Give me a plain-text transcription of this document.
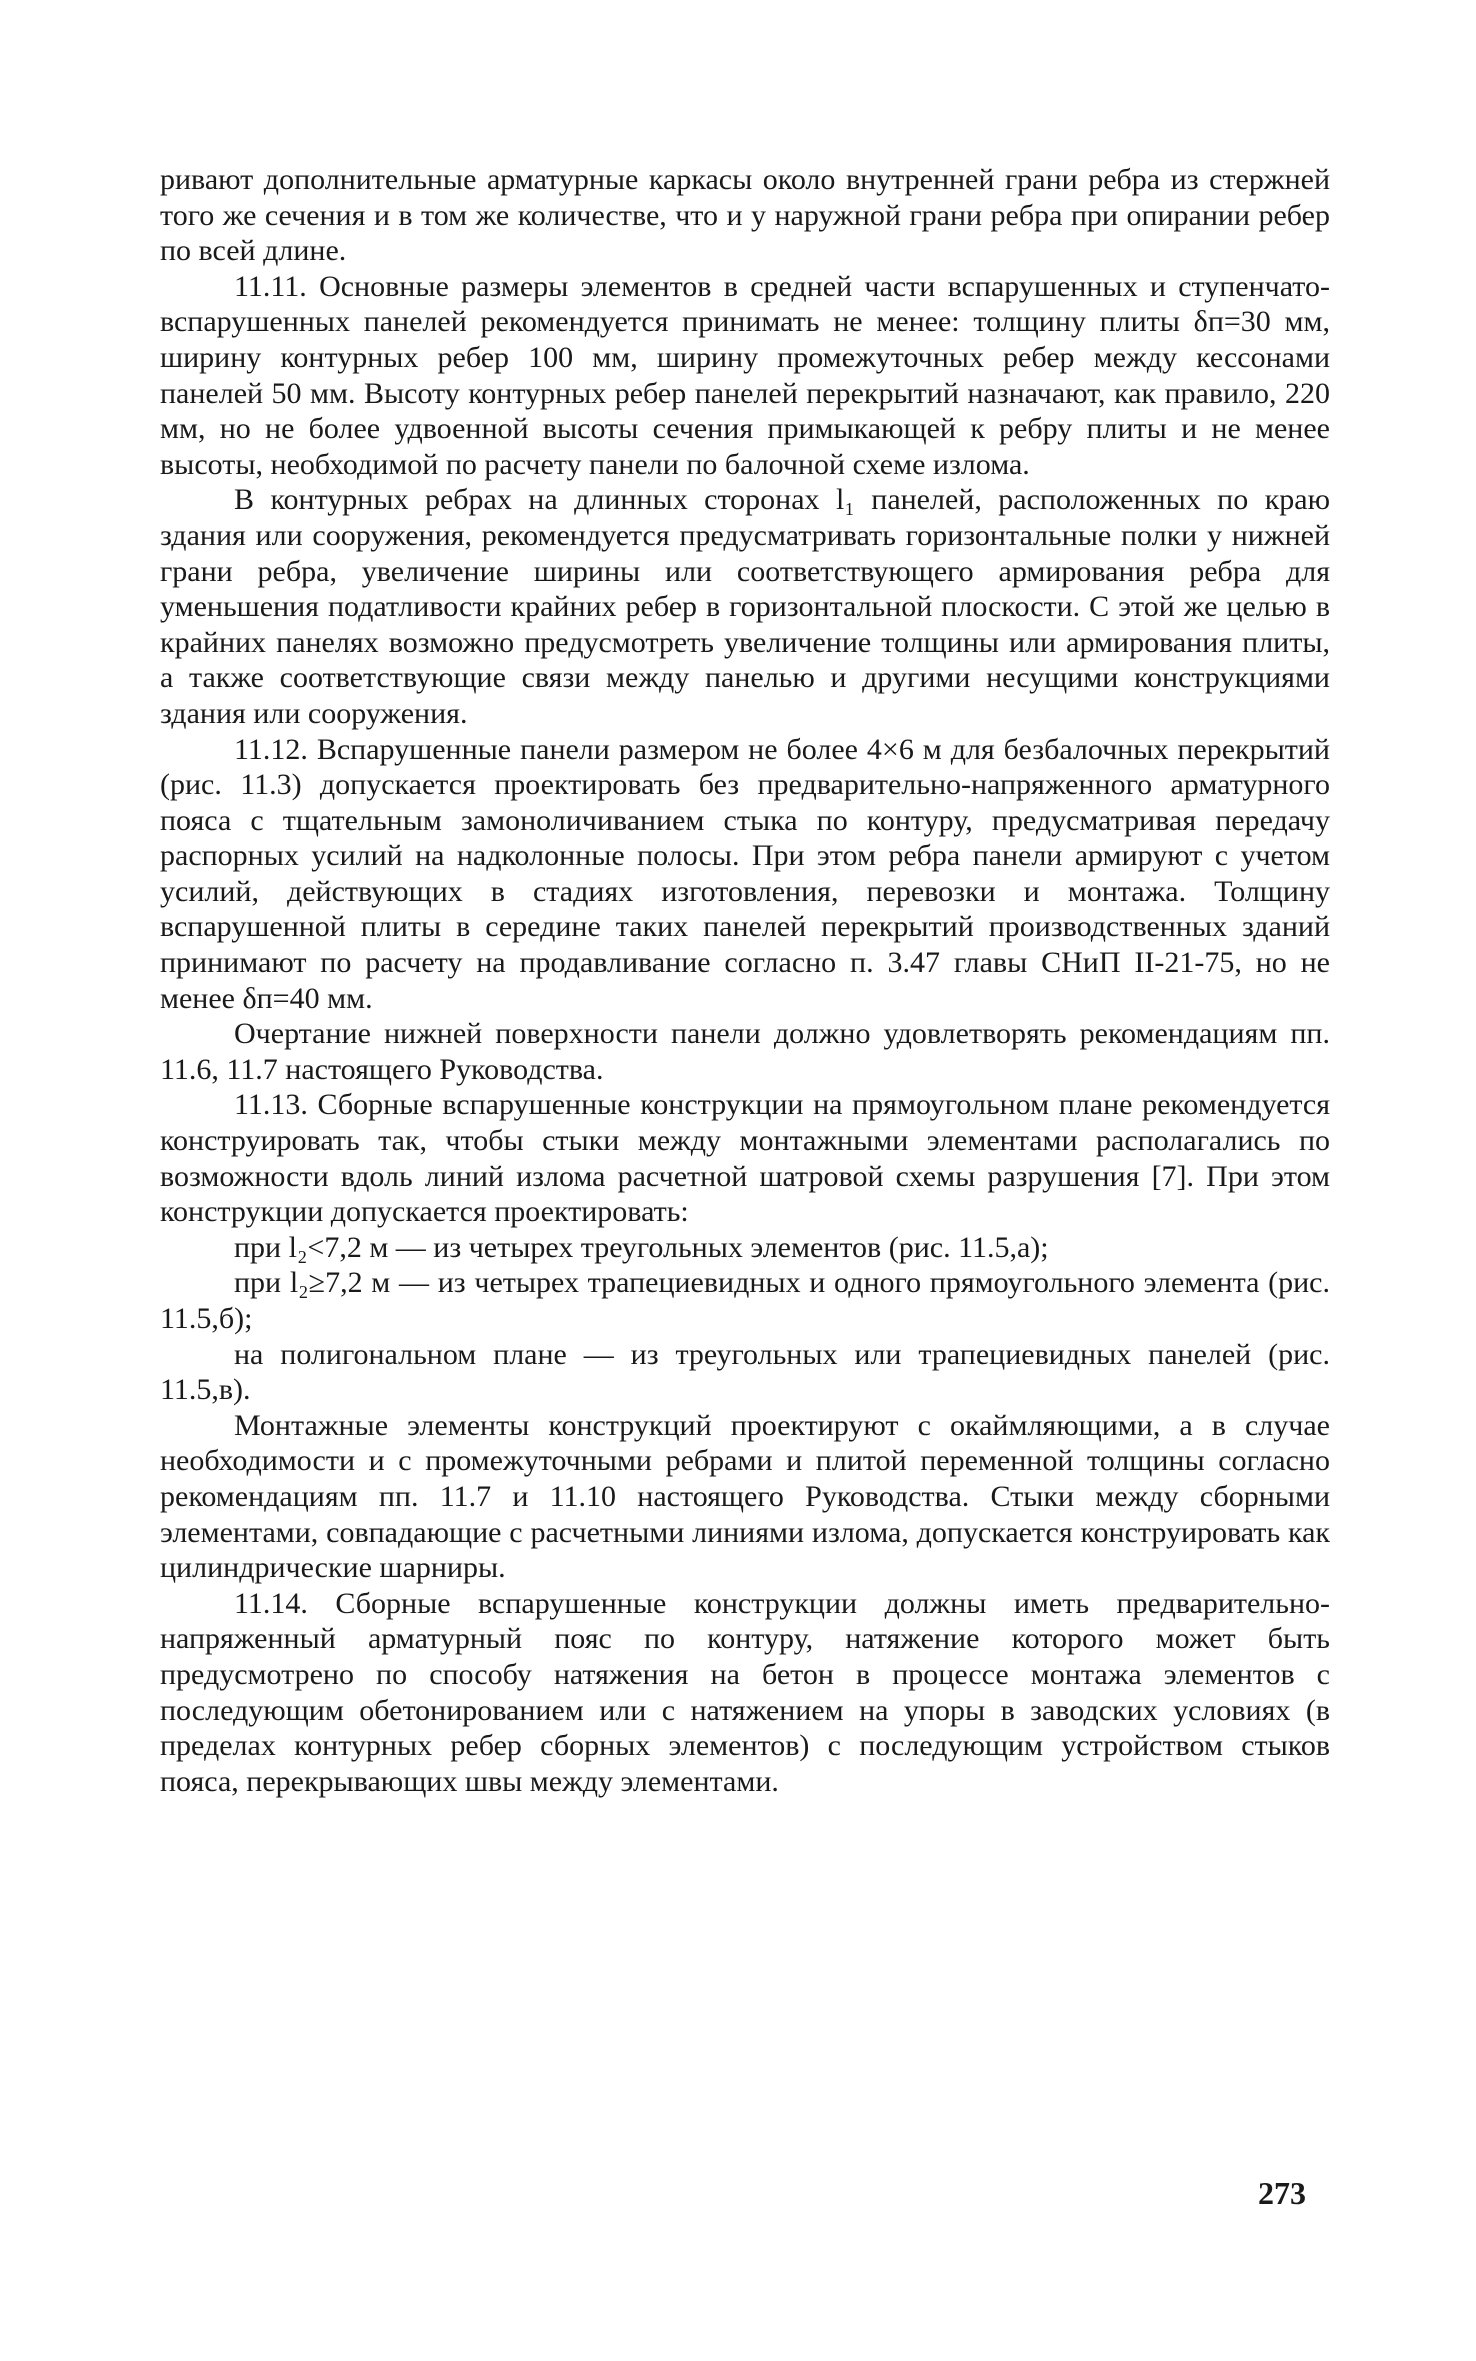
ривают дополнительные арматурные каркасы около внутренней грани ребра из стержней того же сечения и в том же количестве, что и у наружной грани ребра при опирании ребер по всей длине.

11.11. Основные размеры элементов в средней части вспарушенных и ступенчато-вспарушенных панелей рекомендуется принимать не менее: толщину плиты δп=30 мм, ширину контурных ребер 100 мм, ширину промежуточных ребер между кессонами панелей 50 мм. Высоту контурных ребер панелей перекрытий назначают, как правило, 220 мм, но не более удвоенной высоты сечения примыкающей к ребру плиты и не менее высоты, необходимой по расчету панели по балочной схеме излома.

В контурных ребрах на длинных сторонах l₁ панелей, расположенных по краю здания или сооружения, рекомендуется предусматривать горизонтальные полки у нижней грани ребра, увеличение ширины или соответствующего армирования ребра для уменьшения податливости крайних ребер в горизонтальной плоскости. С этой же целью в крайних панелях возможно предусмотреть увеличение толщины или армирования плиты, а также соответствующие связи между панелью и другими несущими конструкциями здания или сооружения.

11.12. Вспарушенные панели размером не более 4×6 м для безбалочных перекрытий (рис. 11.3) допускается проектировать без предварительно-напряженного арматурного пояса с тщательным замоноличиванием стыка по контуру, предусматривая передачу распорных усилий на надколонные полосы. При этом ребра панели армируют с учетом усилий, действующих в стадиях изготовления, перевозки и монтажа. Толщину вспарушенной плиты в середине таких панелей перекрытий производственных зданий принимают по расчету на продавливание согласно п. 3.47 главы СНиП II-21-75, но не менее δп=40 мм.

Очертание нижней поверхности панели должно удовлетворять рекомендациям пп. 11.6, 11.7 настоящего Руководства.

11.13. Сборные вспарушенные конструкции на прямоугольном плане рекомендуется конструировать так, чтобы стыки между монтажными элементами располагались по возможности вдоль линий излома расчетной шатровой схемы разрушения [7]. При этом конструкции допускается проектировать:

при l₂<7,2 м — из четырех треугольных элементов (рис. 11.5,а);

при l₂≥7,2 м — из четырех трапециевидных и одного прямоугольного элемента (рис. 11.5,б);

на полигональном плане — из треугольных или трапециевидных панелей (рис. 11.5,в).

Монтажные элементы конструкций проектируют с окаймляющими, а в случае необходимости и с промежуточными ребрами и плитой переменной толщины согласно рекомендациям пп. 11.7 и 11.10 настоящего Руководства. Стыки между сборными элементами, совпадающие с расчетными линиями излома, допускается конструировать как цилиндрические шарниры.

11.14. Сборные вспарушенные конструкции должны иметь предварительно-напряженный арматурный пояс по контуру, натяжение которого может быть предусмотрено по способу натяжения на бетон в процессе монтажа элементов с последующим обетонированием или с натяжением на упоры в заводских условиях (в пределах контурных ребер сборных элементов) с последующим устройством стыков пояса, перекрывающих швы между элементами.

273
